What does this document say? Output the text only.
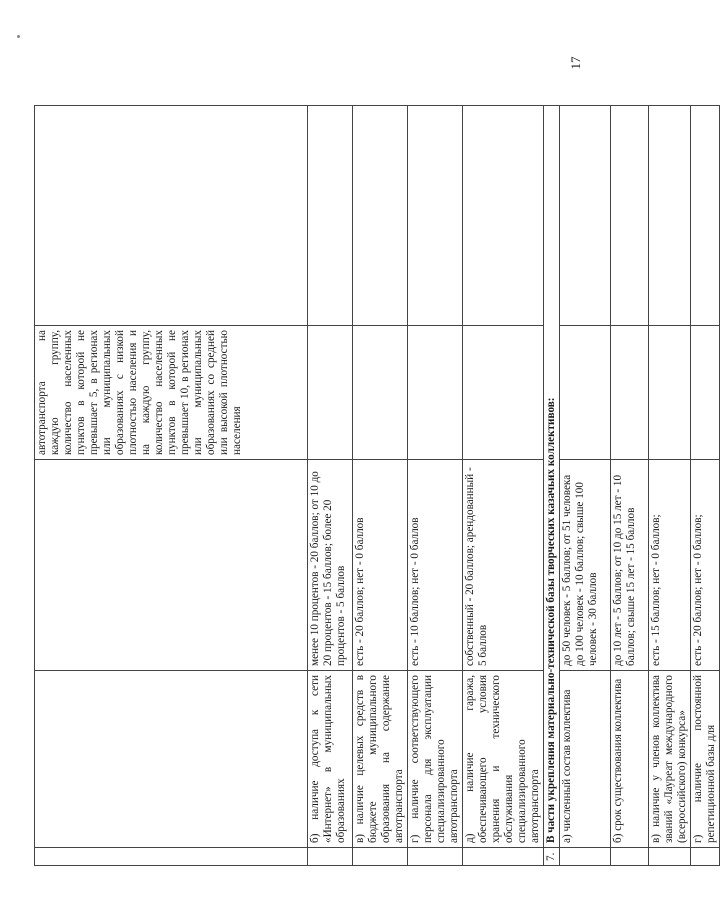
17
			автотранспорта на каждую группу, количество населенных пунктов в которой не превышает 5, в регионах или муниципальных образованиях с низкой плотностью населения и на каждую группу, количество населенных пунктов в которой не превышает 10, в регионах или муниципальных образованиях со средней или высокой плотностью населения	
	б) наличие доступа к сети «Интернет» в муниципальных образованиях	менее 10 процентов - 20 баллов; от 10 до 20 процентов - 15 баллов; более 20 процентов - 5 баллов		
	в) наличие целевых средств в бюджете муниципального образования на содержание автотранспорта	есть - 20 баллов; нет - 0 баллов		
	г) наличие соответствующего персонала для эксплуатации специализированного автотранспорта	есть - 10 баллов; нет - 0 баллов		
	д) наличие гаража, обеспечивающего условия хранения и технического обслуживания специализированного автотранспорта	собственный - 20 баллов; арендованный - 5 баллов		
7.	В части укрепления материально-технической базы творческих казачьих коллективов:			
	а) численный состав коллектива	до 50 человек - 5 баллов; от 51 человека до 100 человек - 10 баллов; свыше 100 человек - 30 баллов		
	б) срок существования коллектива	до 10 лет - 5 баллов; от 10 до 15 лет - 10 баллов; свыше 15 лет - 15 баллов		
	в) наличие у членов коллектива званий «Лауреат международного (всероссийского) конкурса»	есть - 15 баллов; нет - 0 баллов;		
	г) наличие постоянной репетиционной базы для	есть - 20 баллов; нет - 0 баллов;		
